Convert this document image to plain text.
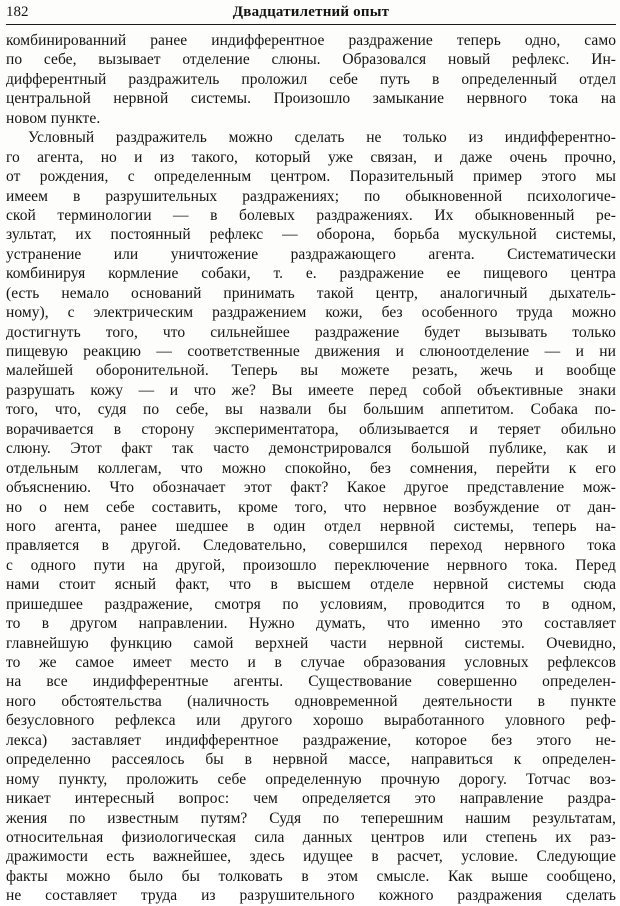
182	Двадцатилетний опыт
комбинированний ранее индифферентное раздражение теперь одно, само
по себе, вызывает отделение слюны. Образовался новый рефлекс. Ин-
дифферентный раздражитель проложил себе путь в определенный отдел
центральной нервной системы. Произошло замыкание нервного тока на
новом пункте.
Условный раздражитель можно сделать не только из индифферентно-
го агента, но и из такого, который уже связан, и даже очень прочно,
от рождения, с определенным центром. Поразительный пример этого мы
имеем в разрушительных раздражениях; по обыкновенной психологиче-
ской терминологии — в болевых раздражениях. Их обыкновенный ре-
зультат, их постоянный рефлекс — оборона, борьба мускульной системы,
устранение или уничтожение раздражающего агента. Систематически
комбинируя кормление собаки, т. е. раздражение ее пищевого центра
(есть немало оснований принимать такой центр, аналогичный дыхатель-
ному), с электрическим раздражением кожи, без особенного труда можно
достигнуть того, что сильнейшее раздражение будет вызывать только
пищевую реакцию — соответственные движения и слюноотделение — и ни
малейшей оборонительной. Теперь вы можете резать, жечь и вообще
разрушать кожу — и что же? Вы имеете перед собой объективные знаки
того, что, судя по себе, вы назвали бы большим аппетитом. Собака по-
ворачивается в сторону экспериментатора, облизывается и теряет обильно
слюну. Этот факт так часто демонстрировался большой публике, как и
отдельным коллегам, что можно спокойно, без сомнения, перейти к его
объяснению. Что обозначает этот факт? Какое другое представление мож-
но о нем себе составить, кроме того, что нервное возбуждение от дан-
ного агента, ранее шедшее в один отдел нервной системы, теперь на-
правляется в другой. Следовательно, совершился переход нервного тока
с одного пути на другой, произошло переключение нервного тока. Перед
нами стоит ясный факт, что в высшем отделе нервной системы сюда
пришедшее раздражение, смотря по условиям, проводится то в одном,
то в другом направлении. Нужно думать, что именно это составляет
главнейшую функцию самой верхней части нервной системы. Очевидно,
то же самое имеет место и в случае образования условных рефлексов
на все индифферентные агенты. Существование совершенно определен-
ного обстоятельства (наличность одновременной деятельности в пункте
безусловного рефлекса или другого хорошо выработанного уловного реф-
лекса) заставляет индифферентное раздражение, которое без этого не-
определенно рассеялось бы в нервной массе, направиться к определен-
ному пункту, проложить себе определенную прочную дорогу. Тотчас воз-
никает интересный вопрос: чем определяется это направление раздра-
жения по известным путям? Судя по теперешним нашим результатам,
относительная физиологическая сила данных центров или степень их раз-
дражимости есть важнейшее, здесь идущее в расчет, условие. Следующие
факты можно было бы толковать в этом смысле. Как выше сообщено,
не составляет труда из разрушительного кожного раздражения сделать
